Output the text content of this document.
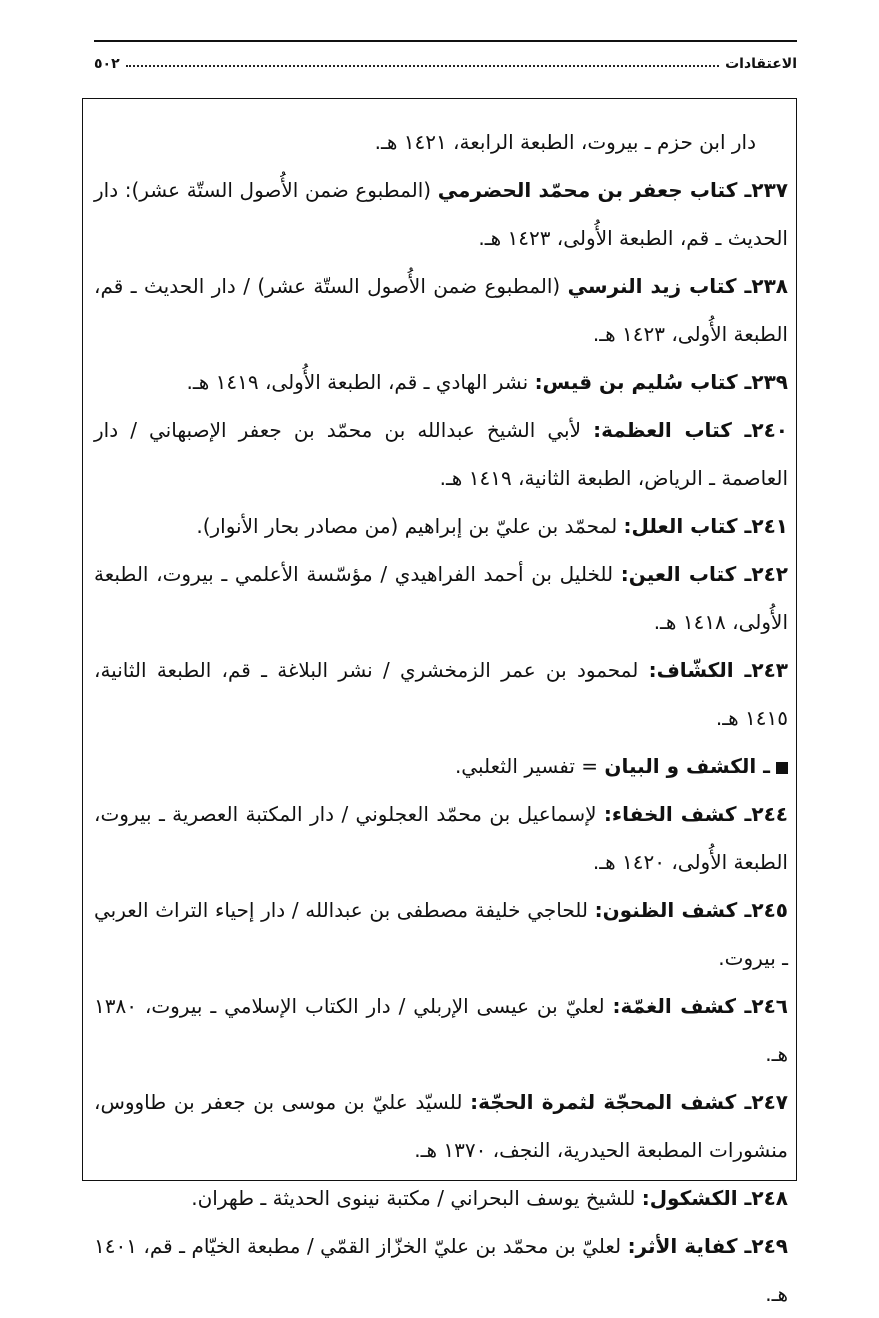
الاعتقادات
٥٠٢

دار ابن حزم ـ بيروت، الطبعة الرابعة، ١٤٢١ هـ.

٢٣٧ـ كتاب جعفر بن محمّد الحضرمي (المطبوع ضمن الأُصول الستّة عشر): دار الحديث ـ قم، الطبعة الأُولى، ١٤٢٣ هـ.

٢٣٨ـ كتاب زيد النرسي (المطبوع ضمن الأُصول الستّة عشر) / دار الحديث ـ قم، الطبعة الأُولى، ١٤٢٣ هـ.

٢٣٩ـ كتاب سُليم بن قيس: نشر الهادي ـ قم، الطبعة الأُولى، ١٤١٩ هـ.

٢٤٠ـ كتاب العظمة: لأبي الشيخ عبدالله بن محمّد بن جعفر الإصبهاني / دار العاصمة ـ الرياض، الطبعة الثانية، ١٤١٩ هـ.

٢٤١ـ كتاب العلل: لمحمّد بن عليّ بن إبراهيم (من مصادر بحار الأنوار).

٢٤٢ـ كتاب العين: للخليل بن أحمد الفراهيدي / مؤسّسة الأعلمي ـ بيروت، الطبعة الأُولى، ١٤١٨ هـ.

٢٤٣ـ الكشّاف: لمحمود بن عمر الزمخشري / نشر البلاغة ـ قم، الطبعة الثانية، ١٤١٥ هـ.

ـ الكشف و البيان = تفسير الثعلبي.

٢٤٤ـ كشف الخفاء: لإسماعيل بن محمّد العجلوني / دار المكتبة العصرية ـ بيروت، الطبعة الأُولى، ١٤٢٠ هـ.

٢٤٥ـ كشف الظنون: للحاجي خليفة مصطفى بن عبدالله / دار إحياء التراث العربي ـ بيروت.

٢٤٦ـ كشف الغمّة: لعليّ بن عيسى الإربلي / دار الكتاب الإسلامي ـ بيروت، ١٣٨٠ هـ.

٢٤٧ـ كشف المحجّة لثمرة الحجّة: للسيّد عليّ بن موسى بن جعفر بن طاووس، منشورات المطبعة الحيدرية، النجف، ١٣٧٠ هـ.

٢٤٨ـ الكشكول: للشيخ يوسف البحراني / مكتبة نينوى الحديثة ـ طهران.

٢٤٩ـ كفاية الأثر: لعليّ بن محمّد بن عليّ الخزّاز القمّي / مطبعة الخيّام ـ قم، ١٤٠١ هـ.
